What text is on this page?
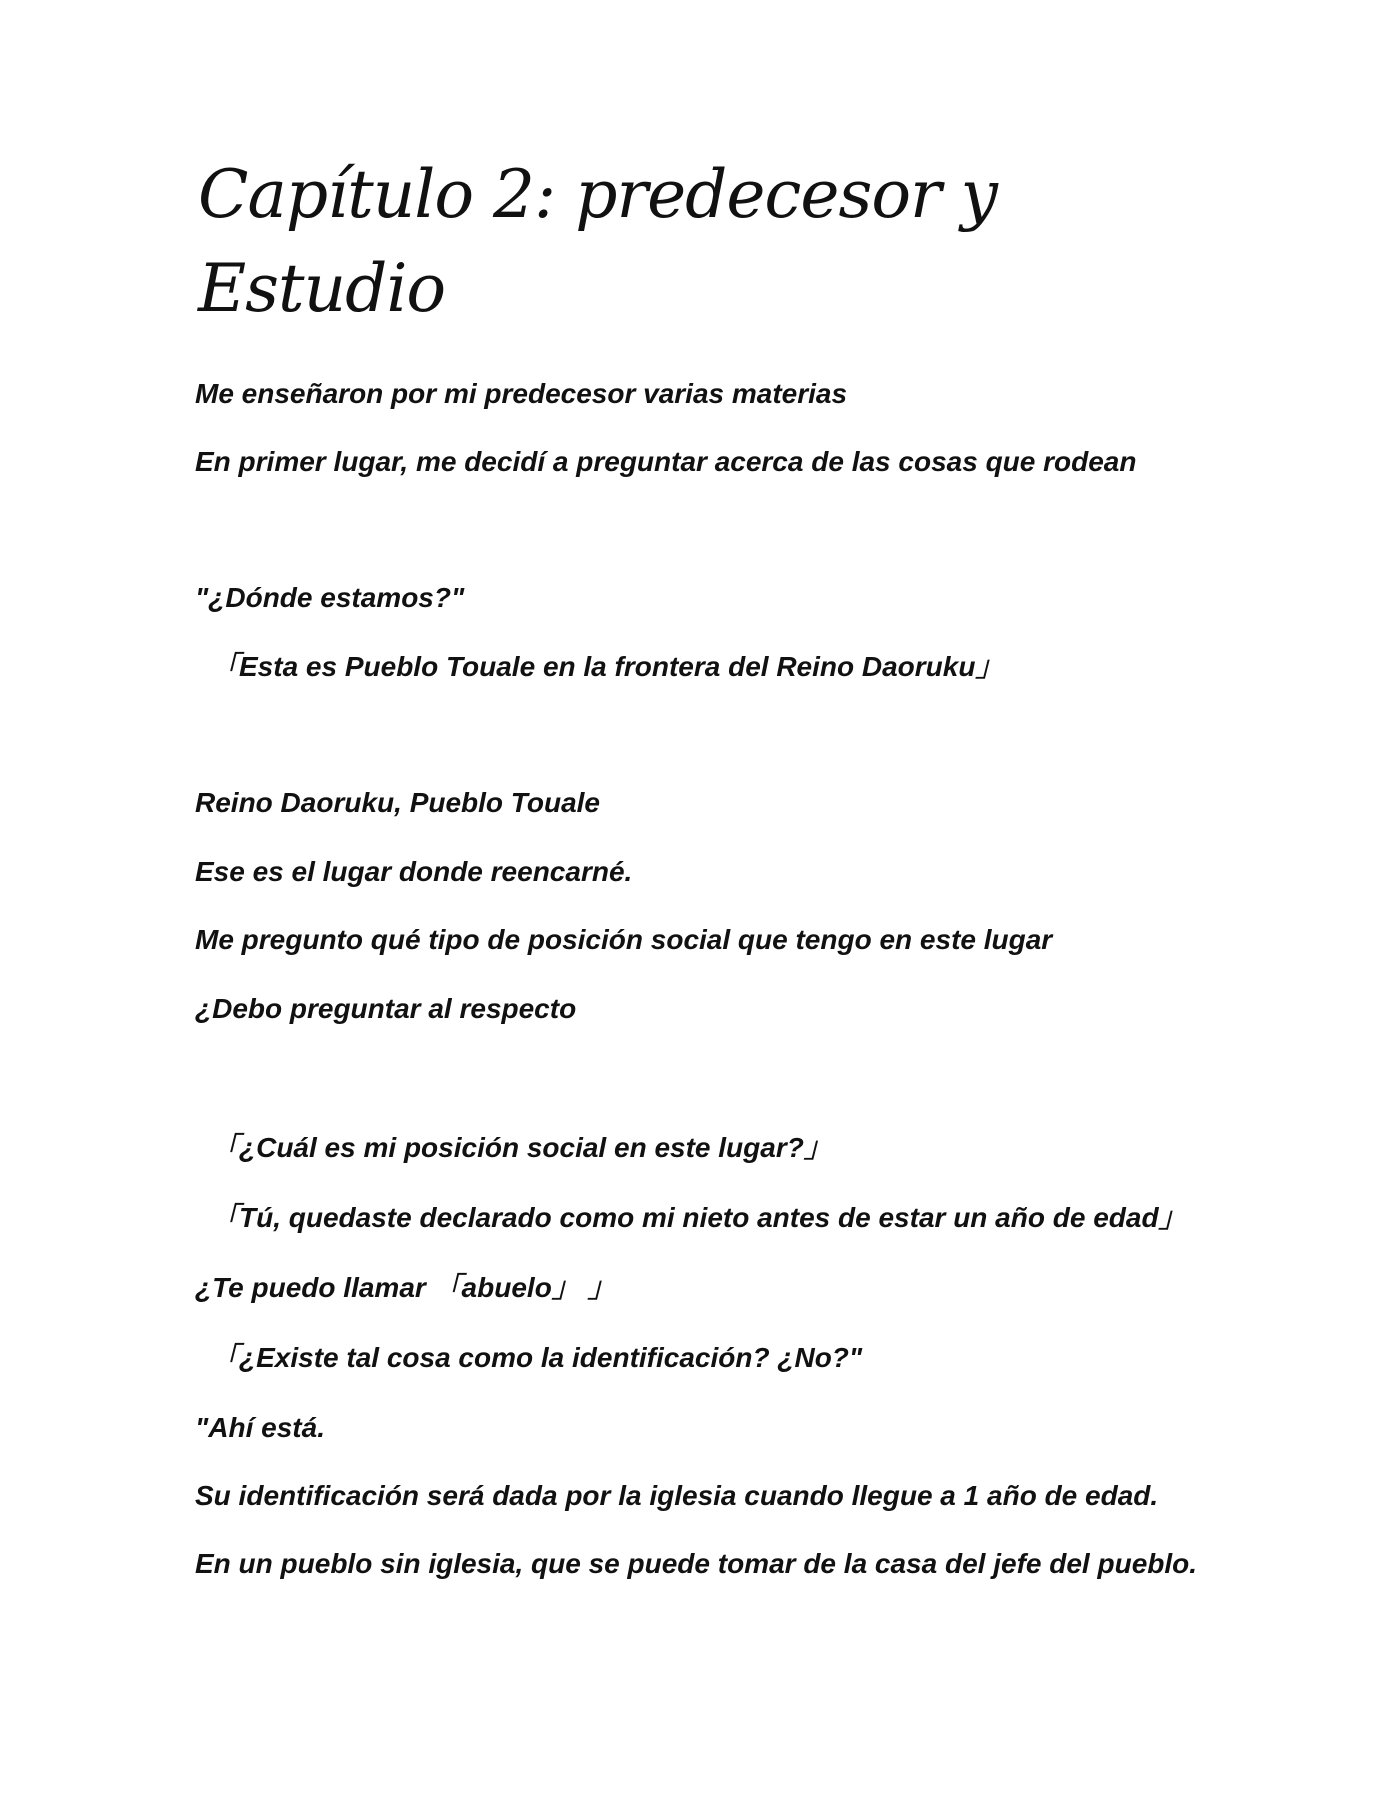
Capítulo 2: predecesor y Estudio

Me enseñaron por mi predecesor varias materias

En primer lugar, me decidí a preguntar acerca de las cosas que rodean

"¿Dónde estamos?"

「Esta es Pueblo Touale en la frontera del Reino Daoruku」

Reino Daoruku, Pueblo Touale

Ese es el lugar donde reencarné.

Me pregunto qué tipo de posición social que tengo en este lugar

¿Debo preguntar al respecto

「¿Cuál es mi posición social en este lugar?」

「Tú, quedaste declarado como mi nieto antes de estar un año de edad」

¿Te puedo llamar 「abuelo」 」

「¿Existe tal cosa como la identificación? ¿No?"

"Ahí está.

Su identificación será dada por la iglesia cuando llegue a 1 año de edad.

En un pueblo sin iglesia, que se puede tomar de la casa del jefe del pueblo.
